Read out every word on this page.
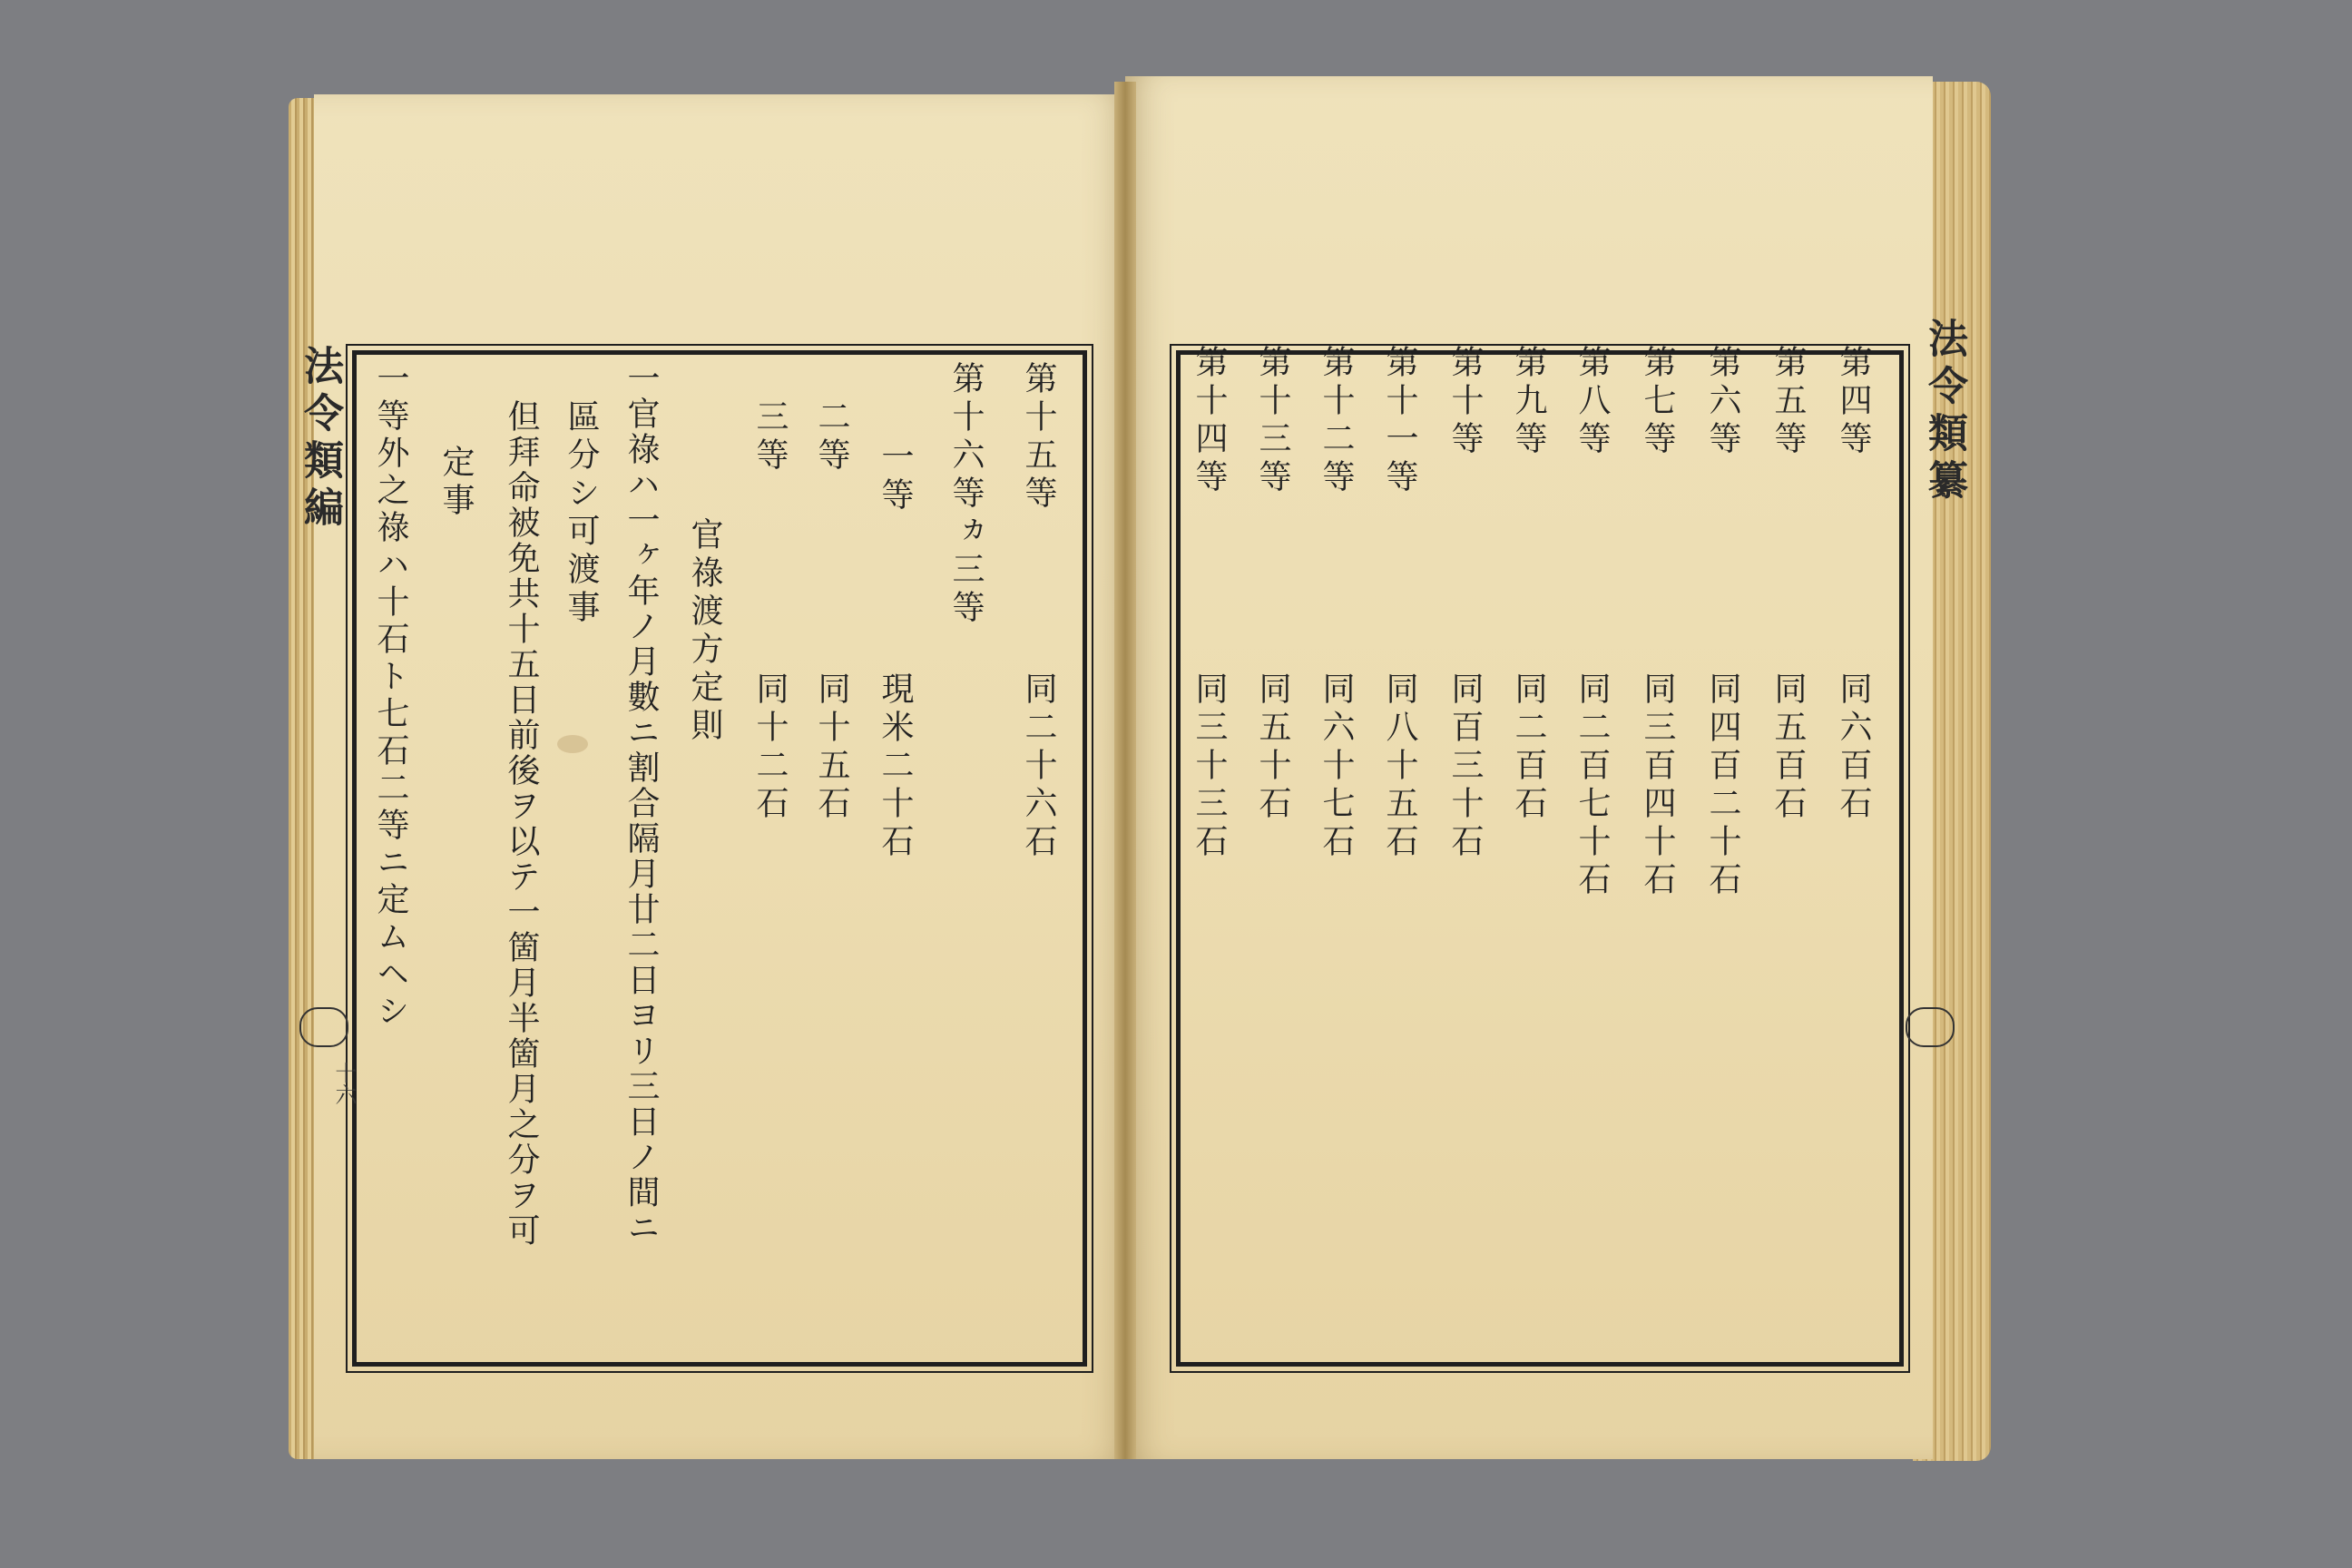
法令類編	法令類纂
十六
第十五等
同二十六石
第十六等ヵ三等
一等
現米二十石
二等
同十五石
三等
同十二石
官祿渡方定則
一官祿ハ一ヶ年ノ月數ニ割合隔月廿二日ヨリ三日ノ間ニ
區分シ可渡事
但拜命被免共十五日前後ヲ以テ一箇月半箇月之分ヲ可
定事
一等外之祿ハ十石ト七石二等ニ定ムヘシ	第四等
同六百石
第五等
同五百石
第六等
同四百二十石
第七等
同三百四十石
第八等
同二百七十石
第九等
同二百石
第十等
同百三十石
第十一等
同八十五石
第十二等
同六十七石
第十三等
同五十石
第十四等
同三十三石
